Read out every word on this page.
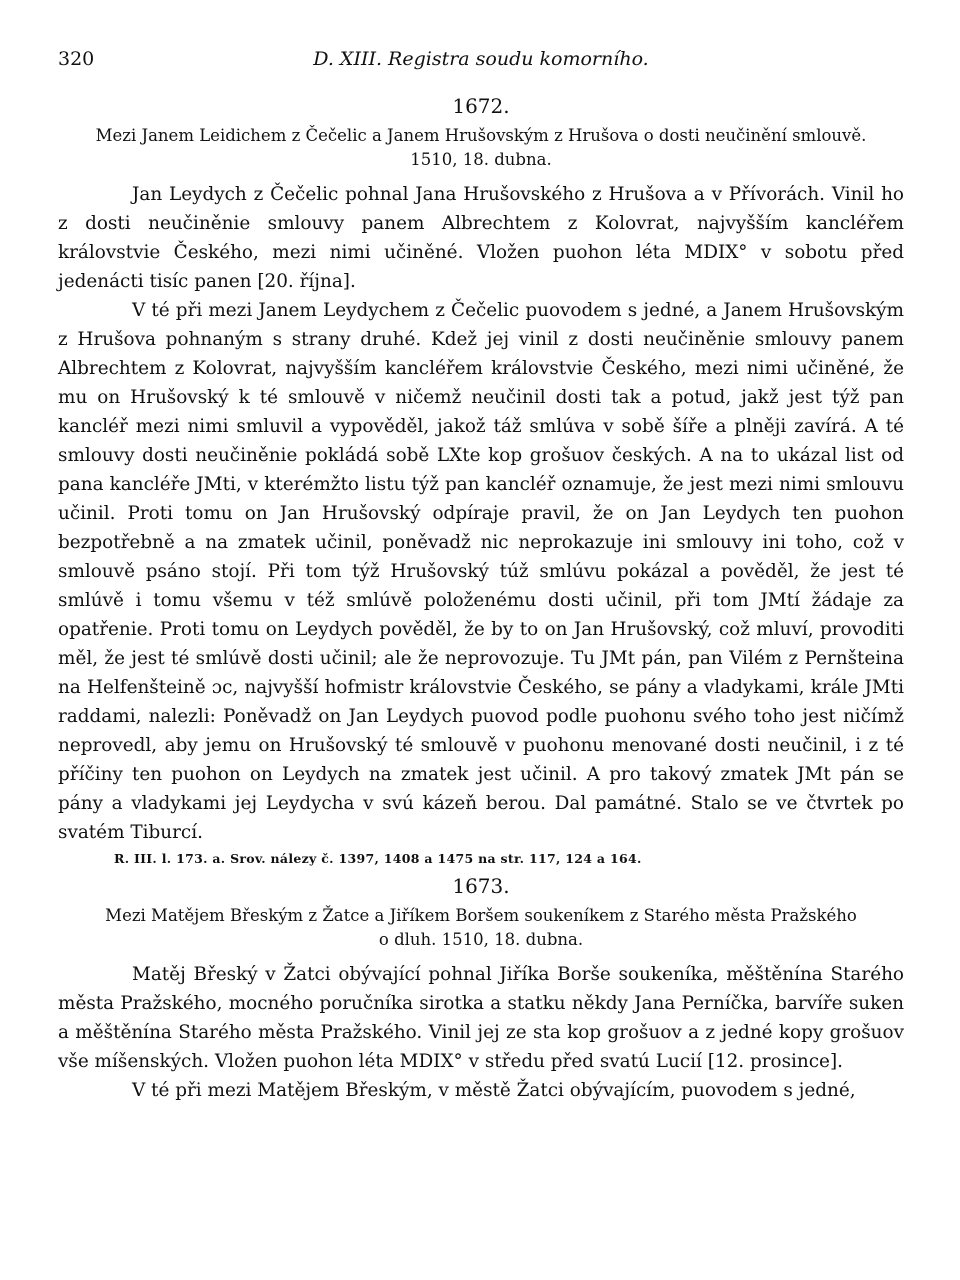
320	D. XIII. Registra soudu komorního.
1672.
Mezi Janem Leidichem z Čečelic a Janem Hrušovským z Hrušova o dosti neučinění smlouvě.
1510, 18. dubna.

Jan Leydych z Čečelic pohnal Jana Hrušovského z Hrušova a v Přívorách. Vinil ho z dosti neučiněnie smlouvy panem Albrechtem z Kolovrat, najvyšším kancléřem královstvie Českého, mezi nimi učiněné. Vložen puohon léta MDIX° v sobotu před jedenácti tisíc panen [20. října].

V té při mezi Janem Leydychem z Čečelic puovodem s jedné, a Janem Hrušovským z Hrušova pohnaným s strany druhé. Kdež jej vinil z dosti neučiněnie smlouvy panem Albrechtem z Kolovrat, najvyšším kancléřem královstvie Českého, mezi nimi učiněné, že mu on Hrušovský k té smlouvě v ničemž neučinil dosti tak a potud, jakž jest týž pan kancléř mezi nimi smluvil a vypověděl, jakož táž smlúva v sobě šíře a plněji zavírá. A té smlouvy dosti neučiněnie pokládá sobě LXte kop grošuov českých. A na to ukázal list od pana kancléře JMti, v kterémžto listu týž pan kancléř oznamuje, že jest mezi nimi smlouvu učinil. Proti tomu on Jan Hrušovský odpíraje pravil, že on Jan Leydych ten puohon bezpotřebně a na zmatek učinil, poněvadž nic neprokazuje ini smlouvy ini toho, což v smlouvě psáno stojí. Při tom týž Hrušovský túž smlúvu pokázal a pověděl, že jest té smlúvě i tomu všemu v též smlúvě položenému dosti učinil, při tom JMtí žádaje za opatřenie. Proti tomu on Leydych pověděl, že by to on Jan Hrušovský, což mluví, provoditi měl, že jest té smlúvě dosti učinil; ale že neprovozuje. Tu JMt pán, pan Vilém z Pernšteina na Helfenšteině ɔc, najvyšší hofmistr královstvie Českého, se pány a vladykami, krále JMti raddami, nalezli: Poněvadž on Jan Leydych puovod podle puohonu svého toho jest ničímž neprovedl, aby jemu on Hrušovský té smlouvě v puohonu menované dosti neučinil, i z té příčiny ten puohon on Leydych na zmatek jest učinil. A pro takový zmatek JMt pán se pány a vladykami jej Leydycha v svú kázeň berou. Dal památné. Stalo se ve čtvrtek po svatém Tiburcí.

R. III. l. 173. a. Srov. nálezy č. 1397, 1408 a 1475 na str. 117, 124 a 164.
1673.
Mezi Matějem Břeským z Žatce a Jiříkem Boršem soukeníkem z Starého města Pražského
o dluh. 1510, 18. dubna.

Matěj Břeský v Žatci obývající pohnal Jiříka Borše soukeníka, měštěnína Starého města Pražského, mocného poručníka sirotka a statku někdy Jana Perníčka, barvíře suken a měštěnína Starého města Pražského. Vinil jej ze sta kop grošuov a z jedné kopy grošuov vše míšenských. Vložen puohon léta MDIX° v středu před svatú Lucií [12. prosince].

V té při mezi Matějem Břeským, v městě Žatci obývajícím, puovodem s jedné,
